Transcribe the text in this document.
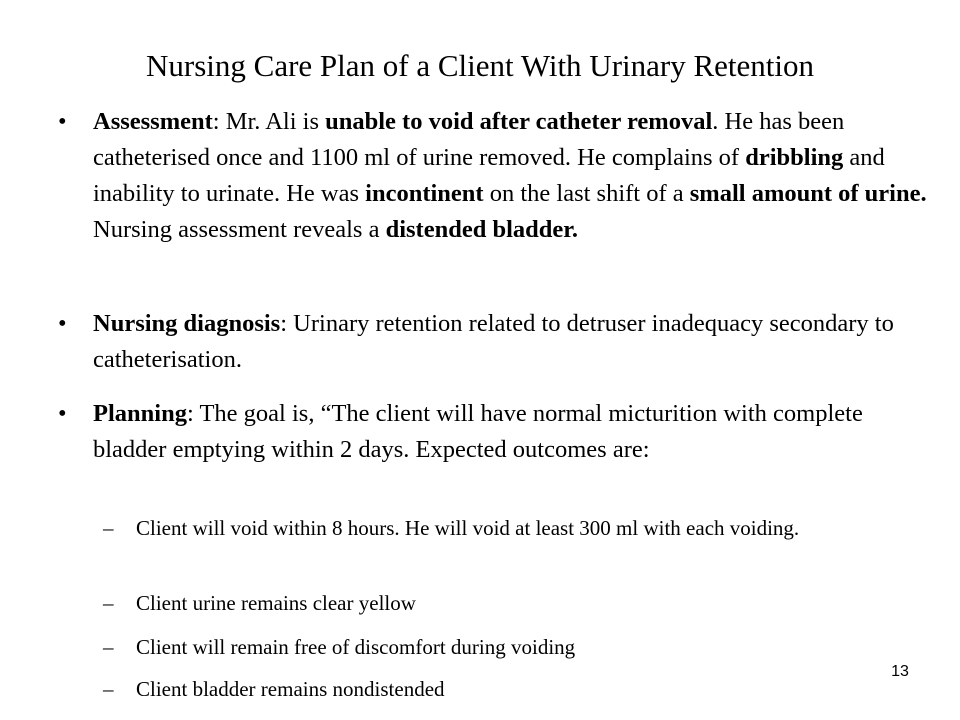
Nursing Care Plan of a Client With Urinary Retention
•	Assessment: Mr. Ali is unable to void after catheter removal. He has been catheterised once and 1100 ml of urine removed. He complains of dribbling and inability to urinate. He was incontinent on the last shift of a small amount of urine. Nursing assessment reveals a distended bladder.
•	Nursing diagnosis: Urinary retention related to detruser inadequacy secondary to catheterisation.
•	Planning: The goal is, “The client will have normal micturition with complete bladder emptying within 2 days. Expected outcomes are:
–	Client will void within 8 hours. He will void at least 300 ml with each voiding.
–	Client urine remains clear yellow
–	Client will remain free of discomfort during voiding
–	Client bladder remains nondistended
13
